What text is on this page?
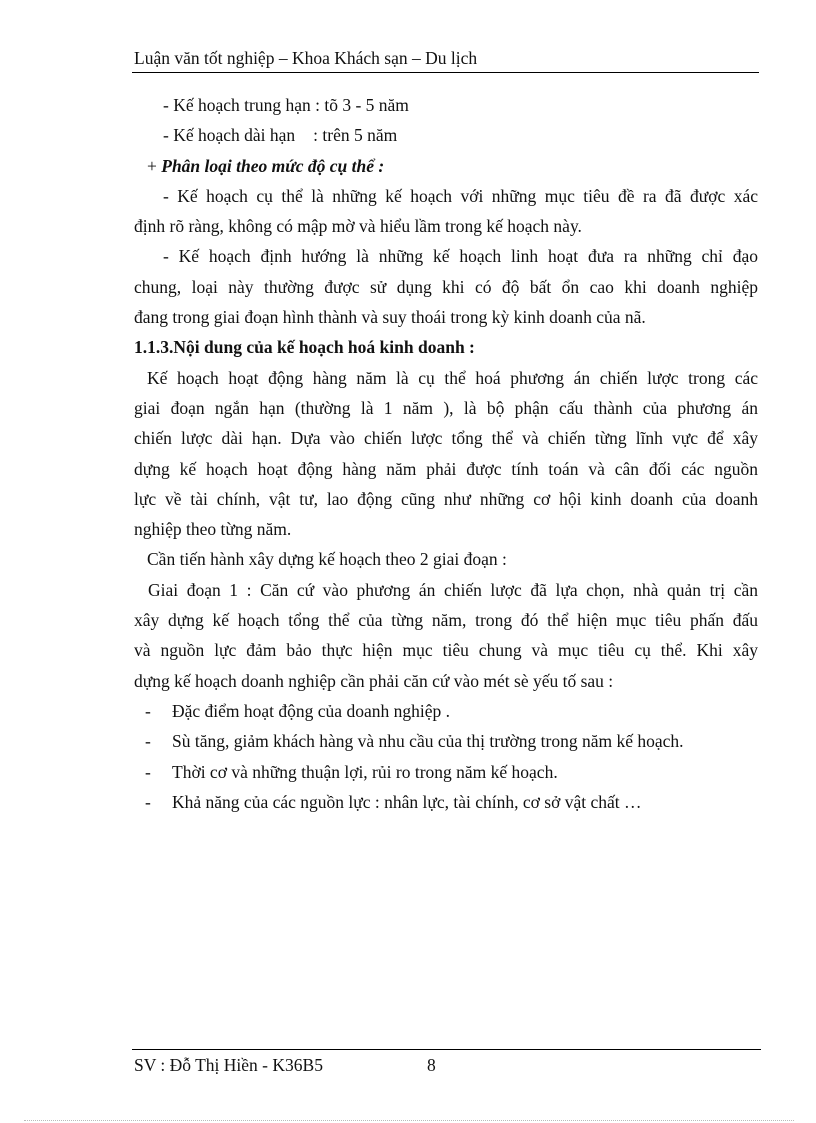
Luận văn tốt nghiệp – Khoa Khách sạn – Du lịch
- Kế hoạch trung hạn : tõ 3 - 5 năm
- Kế hoạch dài hạn : trên 5 năm
+ Phân loại theo mức độ cụ thể :
- Kế hoạch cụ thể là những kế hoạch với những mục tiêu đề ra đã được xác
định rõ ràng, không có mập mờ và hiểu lầm trong kế hoạch này.
- Kế hoạch định hướng là những kế hoạch linh hoạt đưa ra những chỉ đạo
chung, loại này thường được sử dụng khi có độ bất ổn cao khi doanh nghiệp
đang trong giai đoạn hình thành và suy thoái trong kỳ kinh doanh của nã.
1.1.3.Nội dung của kế hoạch hoá kinh doanh :
Kế hoạch hoạt động hàng năm là cụ thể hoá phương án chiến lược trong các
giai đoạn ngắn hạn (thường là 1 năm ), là bộ phận cấu thành của phương án
chiến lược dài hạn. Dựa vào chiến lược tổng thể và chiến từng lĩnh vực để xây
dựng kế hoạch hoạt động hàng năm phải được tính toán và cân đối các nguồn
lực về tài chính, vật tư, lao động cũng như những cơ hội kinh doanh của doanh
nghiệp theo từng năm.
Cần tiến hành xây dựng kế hoạch theo 2 giai đoạn :
Giai đoạn 1 : Căn cứ vào phương án chiến lược đã lựa chọn, nhà quản trị cần
xây dựng kế hoạch tổng thể của từng năm, trong đó thể hiện mục tiêu phấn đấu
và nguồn lực đảm bảo thực hiện mục tiêu chung và mục tiêu cụ thể. Khi xây
dựng kế hoạch doanh nghiệp cần phải căn cứ vào mét sè yếu tố sau :
-	Đặc điểm hoạt động của doanh nghiệp .
-	Sù tăng, giảm khách hàng và nhu cầu của thị trường trong năm kế hoạch.
-	Thời cơ và những thuận lợi, rủi ro trong năm kế hoạch.
-	Khả năng của các nguồn lực : nhân lực, tài chính, cơ sở vật chất …
SV : Đỗ Thị Hiền - K36B5	8
